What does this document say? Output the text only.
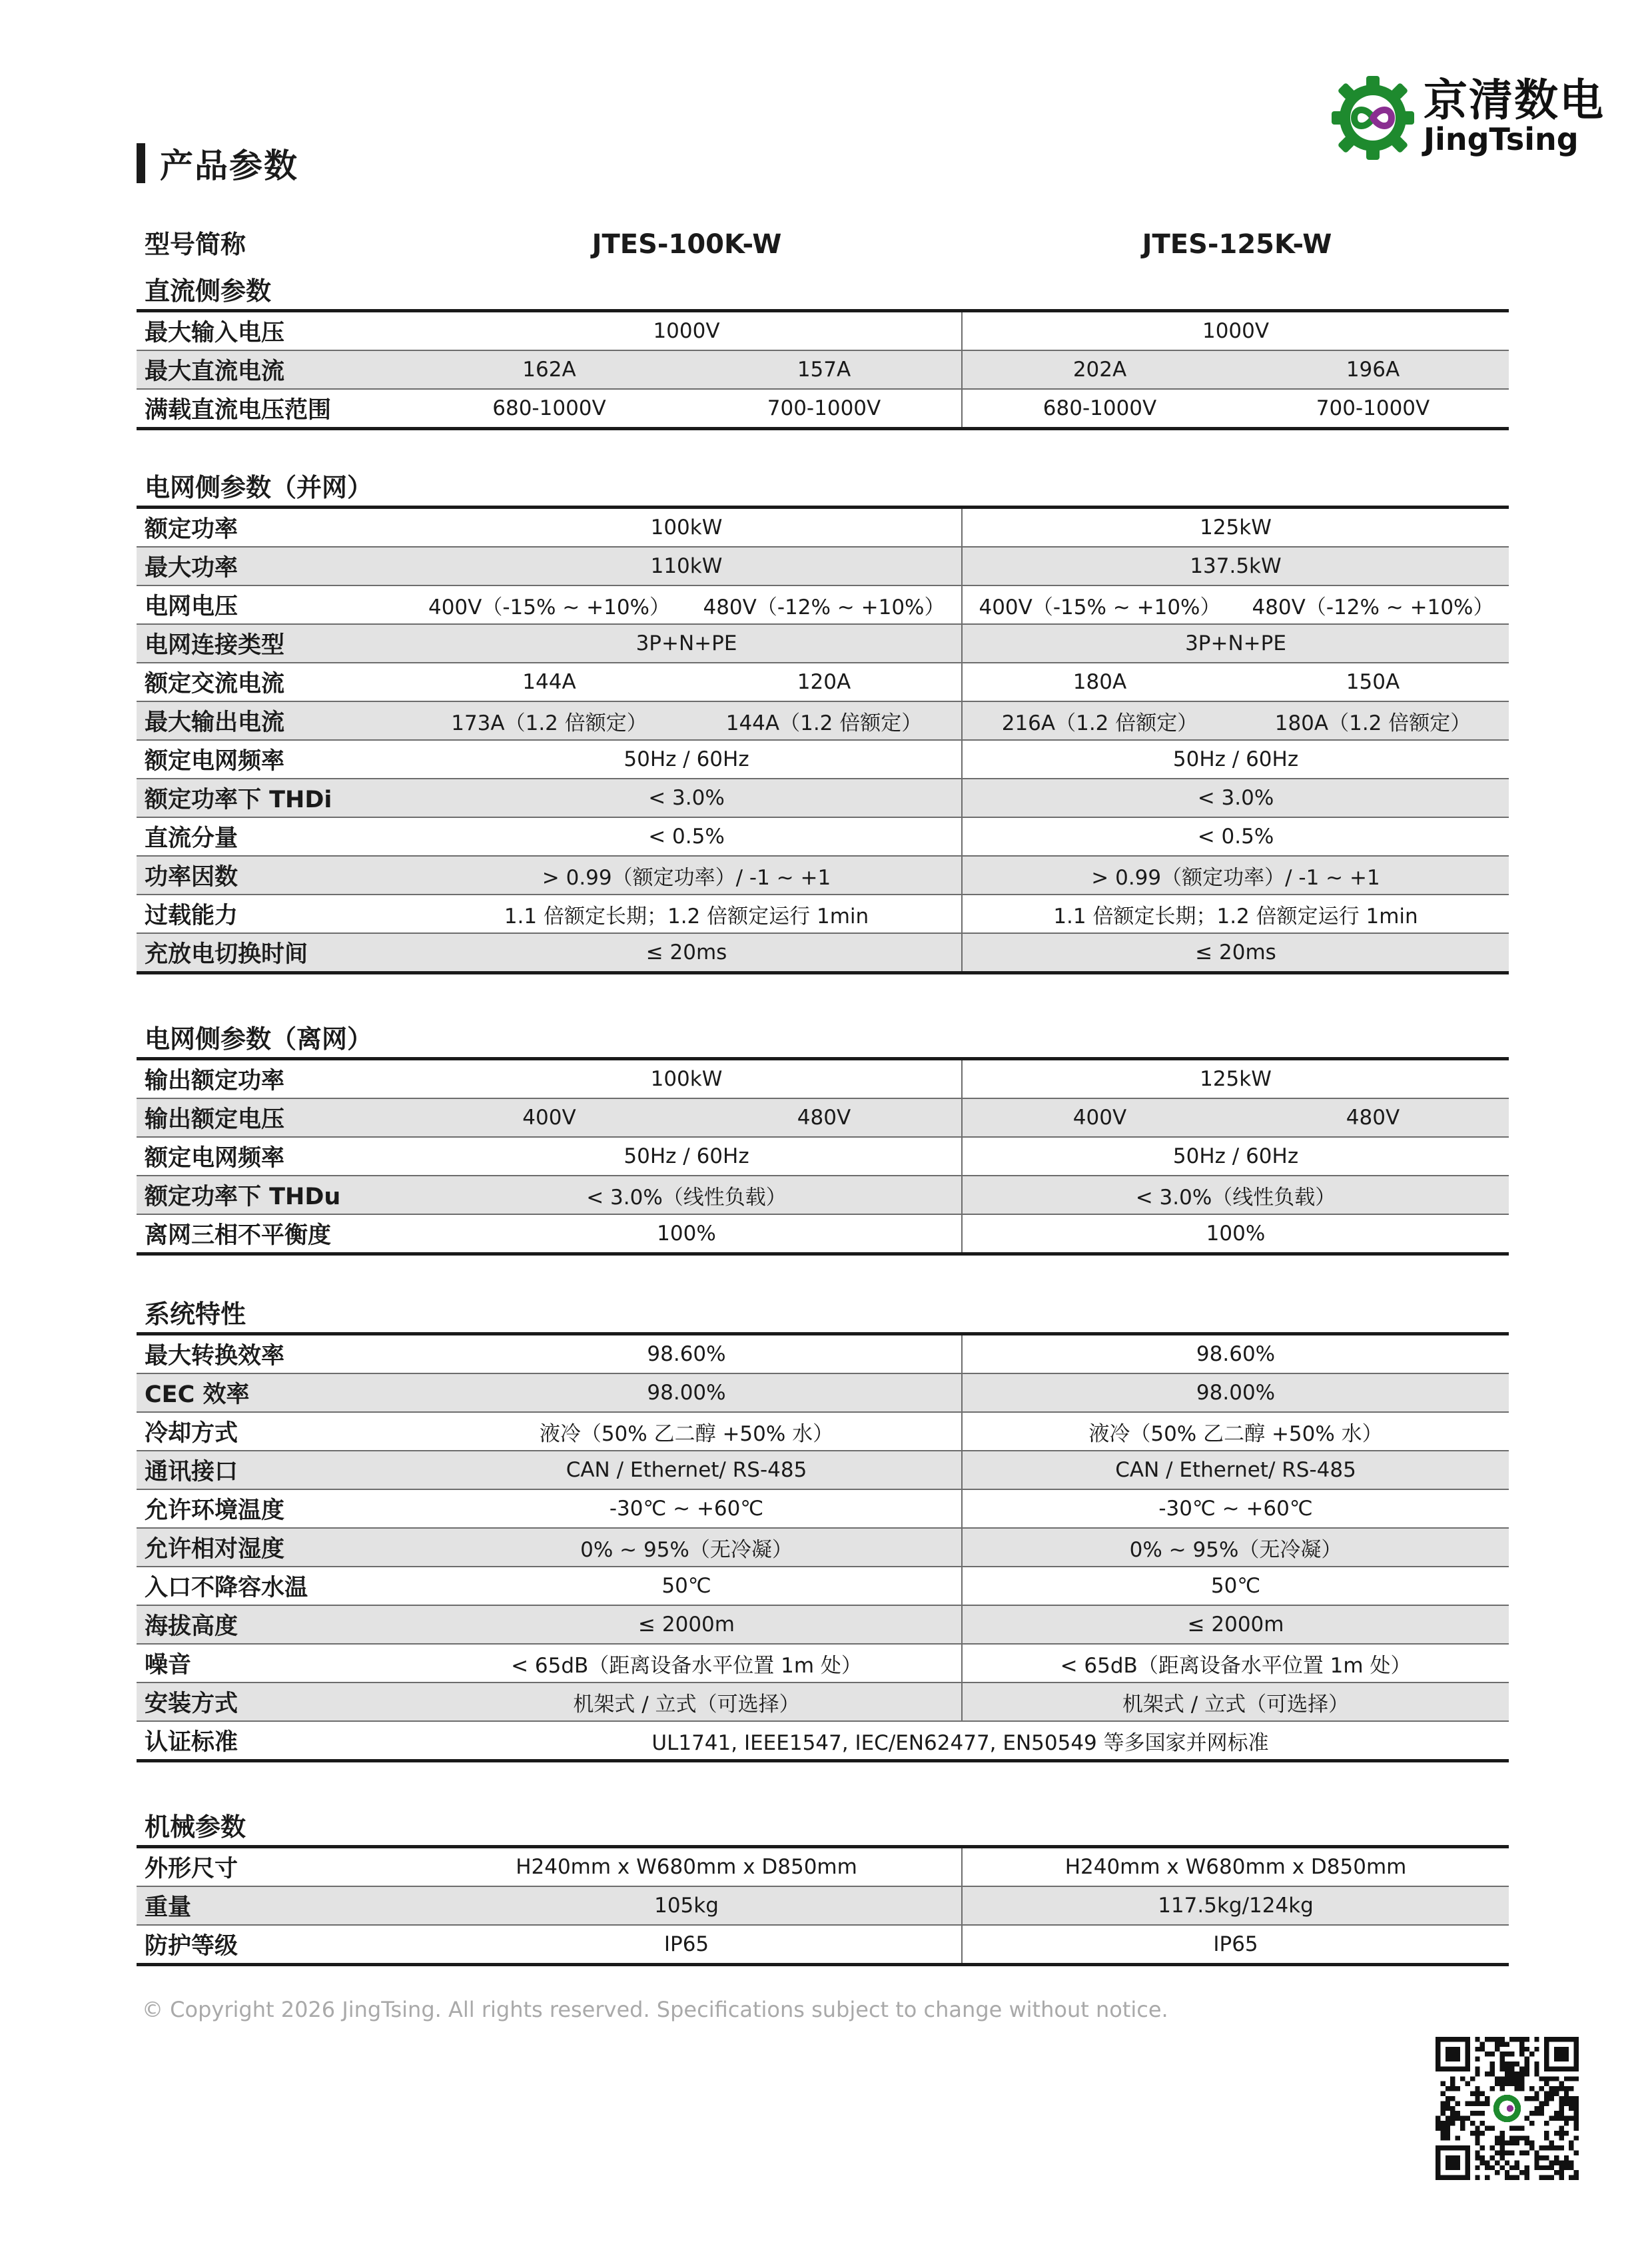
京清数电
JingTsing
产品参数
型号简称	JTES-100K-W	JTES-125K-W
直流侧参数
最大输入电压	1000V		1000V	
最大直流电流	162A	157A	202A	196A
满载直流电压范围	680-1000V	700-1000V	680-1000V	700-1000V
电网侧参数（并网）
额定功率	100kW		125kW	
最大功率	110kW		137.5kW	
电网电压	400V（-15% ~ +10%）	480V（-12% ~ +10%）	400V（-15% ~ +10%）	480V（-12% ~ +10%）
电网连接类型	3P+N+PE		3P+N+PE	
额定交流电流	144A	120A	180A	150A
最大输出电流	173A（1.2 倍额定）	144A（1.2 倍额定）	216A（1.2 倍额定）	180A（1.2 倍额定）
额定电网频率	50Hz / 60Hz		50Hz / 60Hz	
额定功率下 THDi	< 3.0%		< 3.0%	
直流分量	< 0.5%		< 0.5%	
功率因数	> 0.99（额定功率）/ -1 ~ +1		> 0.99（额定功率）/ -1 ~ +1	
过载能力	1.1 倍额定长期；1.2 倍额定运行 1min		1.1 倍额定长期；1.2 倍额定运行 1min	
充放电切换时间	≤ 20ms		≤ 20ms	
电网侧参数（离网）
输出额定功率	100kW		125kW	
输出额定电压	400V	480V	400V	480V
额定电网频率	50Hz / 60Hz		50Hz / 60Hz	
额定功率下 THDu	< 3.0%（线性负载）		< 3.0%（线性负载）	
离网三相不平衡度	100%		100%	
系统特性
最大转换效率	98.60%	98.60%
CEC 效率	98.00%	98.00%
冷却方式	液冷（50% 乙二醇 +50% 水）	液冷（50% 乙二醇 +50% 水）
通讯接口	CAN / Ethernet/ RS-485	CAN / Ethernet/ RS-485
允许环境温度	-30℃ ~ +60℃	-30℃ ~ +60℃
允许相对湿度	0% ~ 95%（无冷凝）	0% ~ 95%（无冷凝）
入口不降容水温	50℃	50℃
海拔高度	≤ 2000m	≤ 2000m
噪音	< 65dB（距离设备水平位置 1m 处）	< 65dB（距离设备水平位置 1m 处）
安装方式	机架式 / 立式（可选择）	机架式 / 立式（可选择）
认证标准	UL1741, IEEE1547, IEC/EN62477, EN50549 等多国家并网标准	
机械参数
外形尺寸	H240mm x W680mm x D850mm	H240mm x W680mm x D850mm
重量	105kg	117.5kg/124kg
防护等级	IP65	IP65
© Copyright 2026 JingTsing. All rights reserved. Specifications subject to change without notice.
